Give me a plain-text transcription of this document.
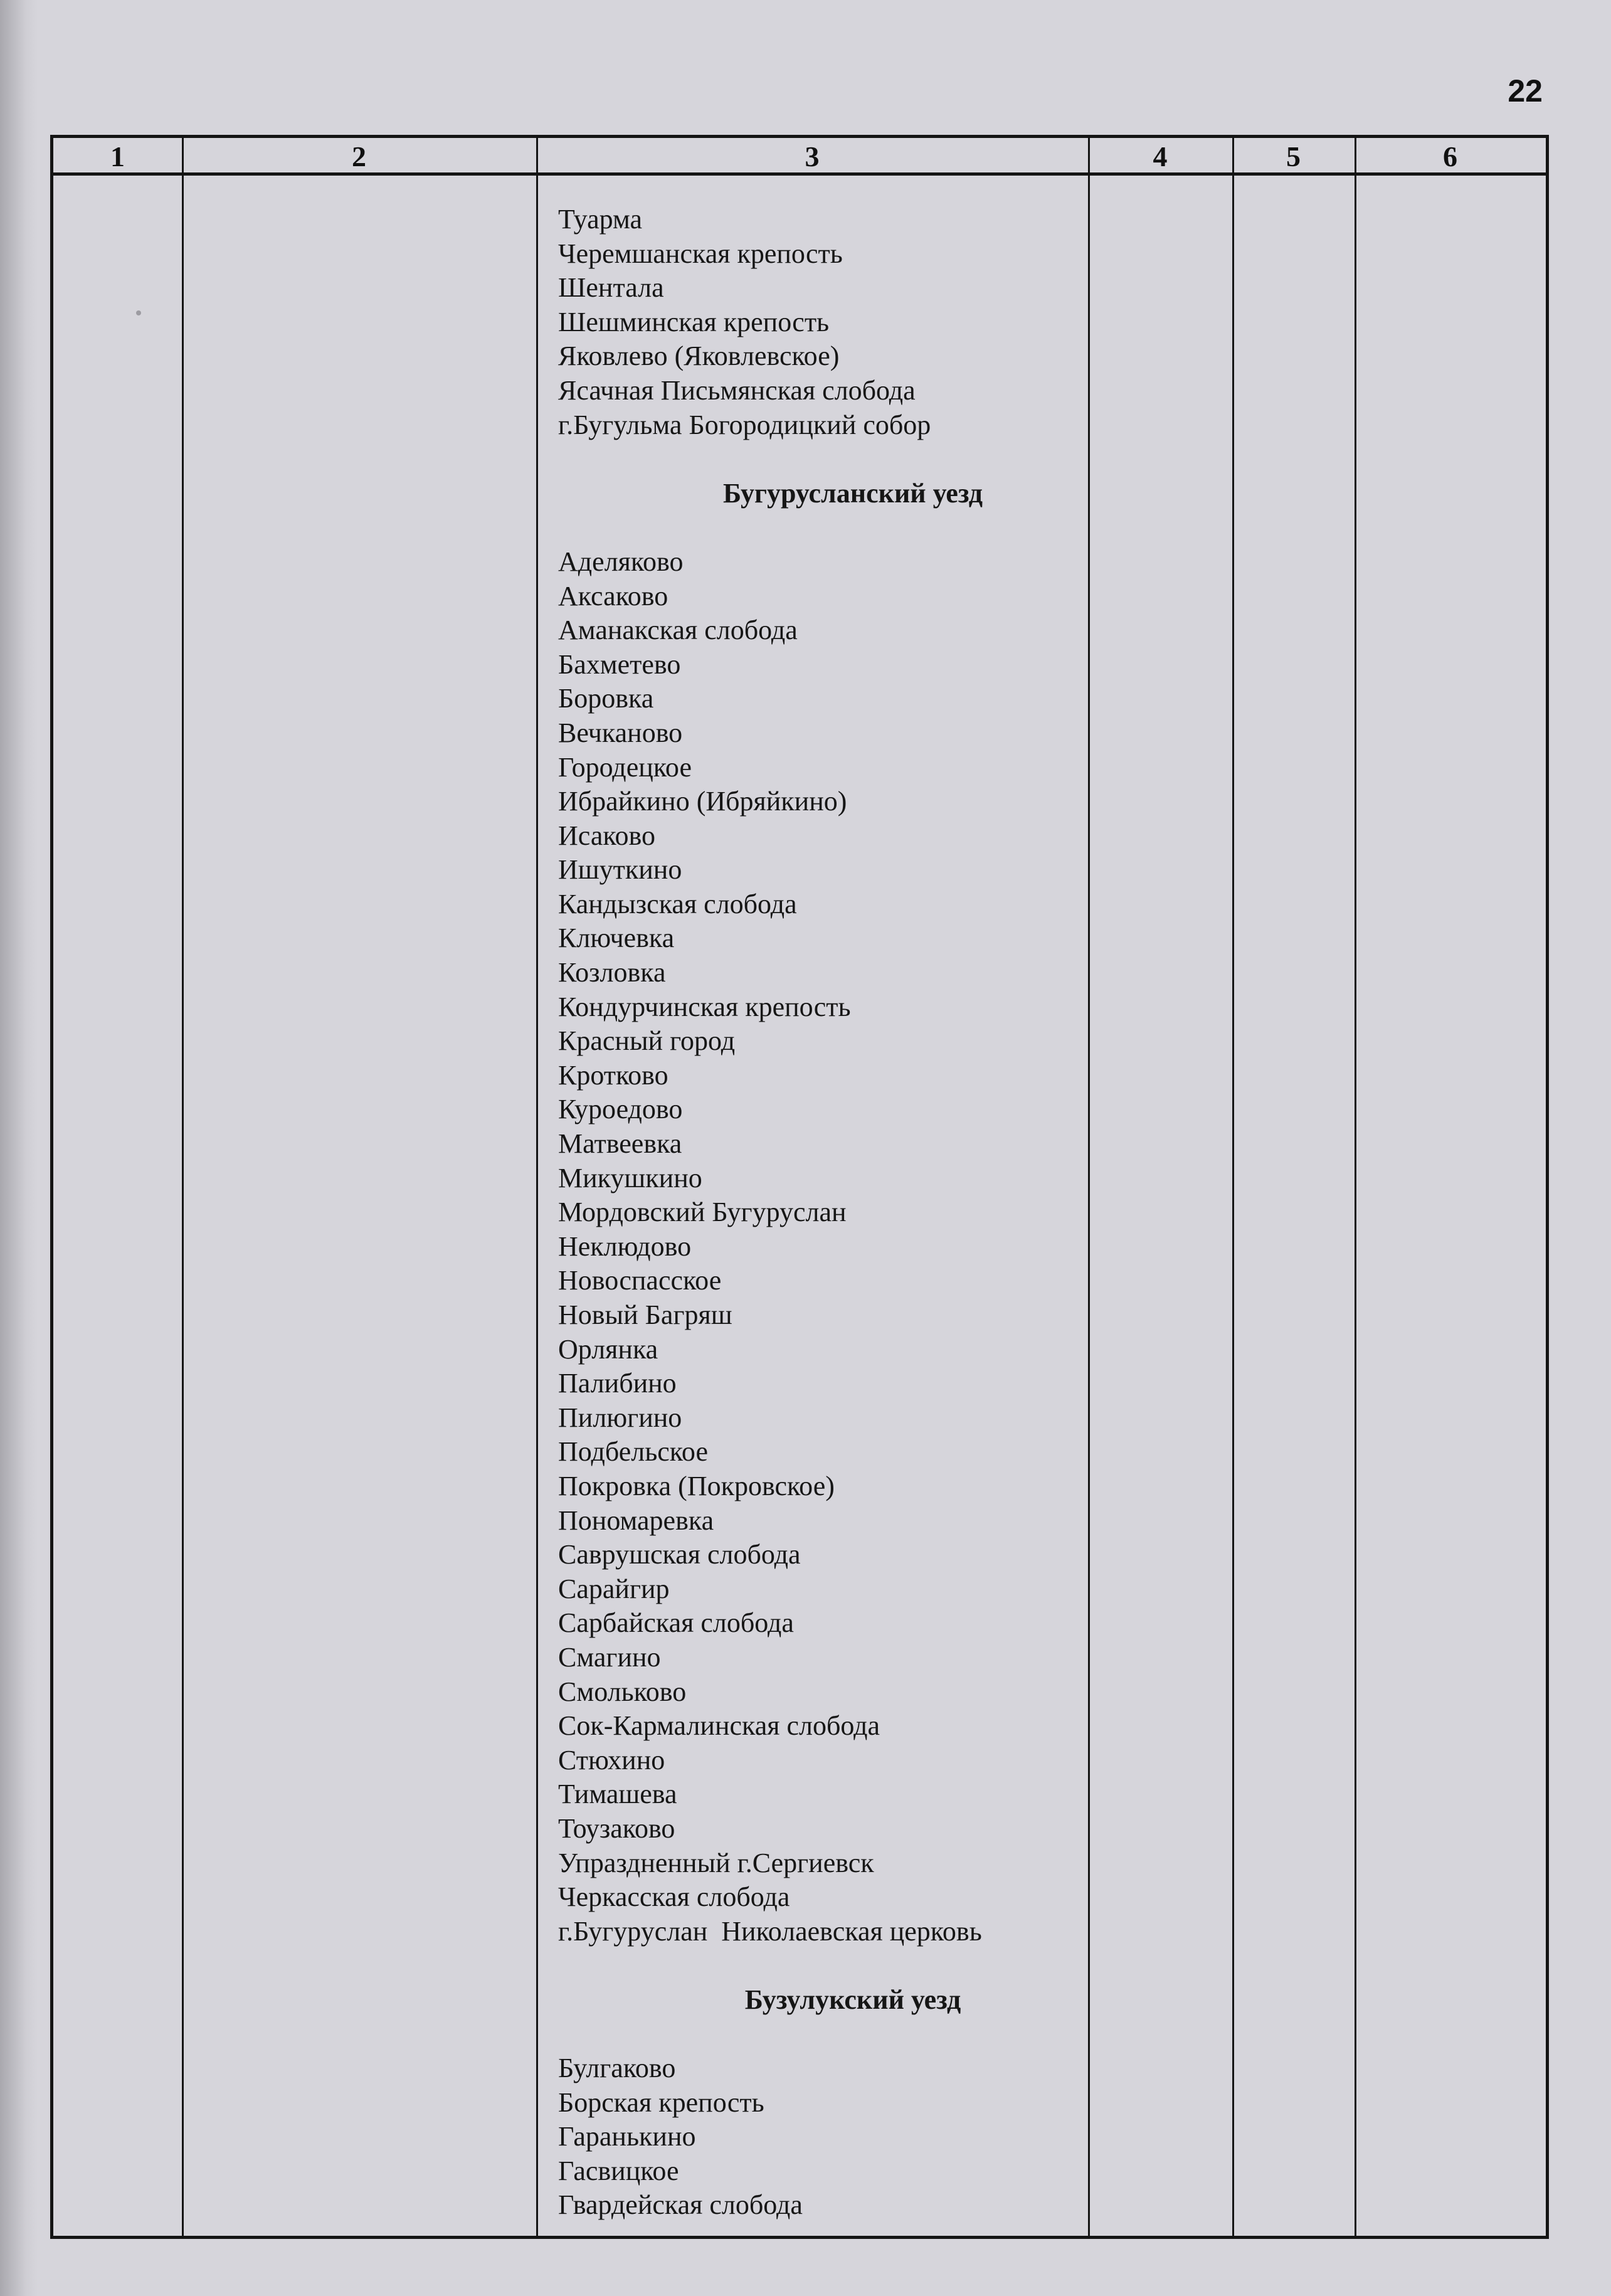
22
1	2	3	4	5	6
Туарма
Черемшанская крепость
Шентала
Шешминская крепость
Яковлево (Яковлевское)
Ясачная Письмянская слобода
г.Бугульма Богородицкий собор
Бугурусланский уезд
Аделяково
Аксаково
Аманакская слобода
Бахметево
Боровка
Вечканово
Городецкое
Ибрайкино (Ибряйкино)
Исаково
Ишуткино
Кандызская слобода
Ключевка
Козловка
Кондурчинская крепость
Красный город
Кротково
Куроедово
Матвеевка
Микушкино
Мордовский Бугуруслан
Неклюдово
Новоспасское
Новый Багряш
Орлянка
Палибино
Пилюгино
Подбельское
Покровка (Покровское)
Пономаревка
Саврушская слобода
Сарайгир
Сарбайская слобода
Смагино
Смольково
Сок-Кармалинская слобода
Стюхино
Тимашева
Тоузаково
Упраздненный г.Сергиевск
Черкасская слобода
г.Бугуруслан  Николаевская церковь
Бузулукский уезд
Булгаково
Борская крепость
Гаранькино
Гасвицкое
Гвардейская слобода
